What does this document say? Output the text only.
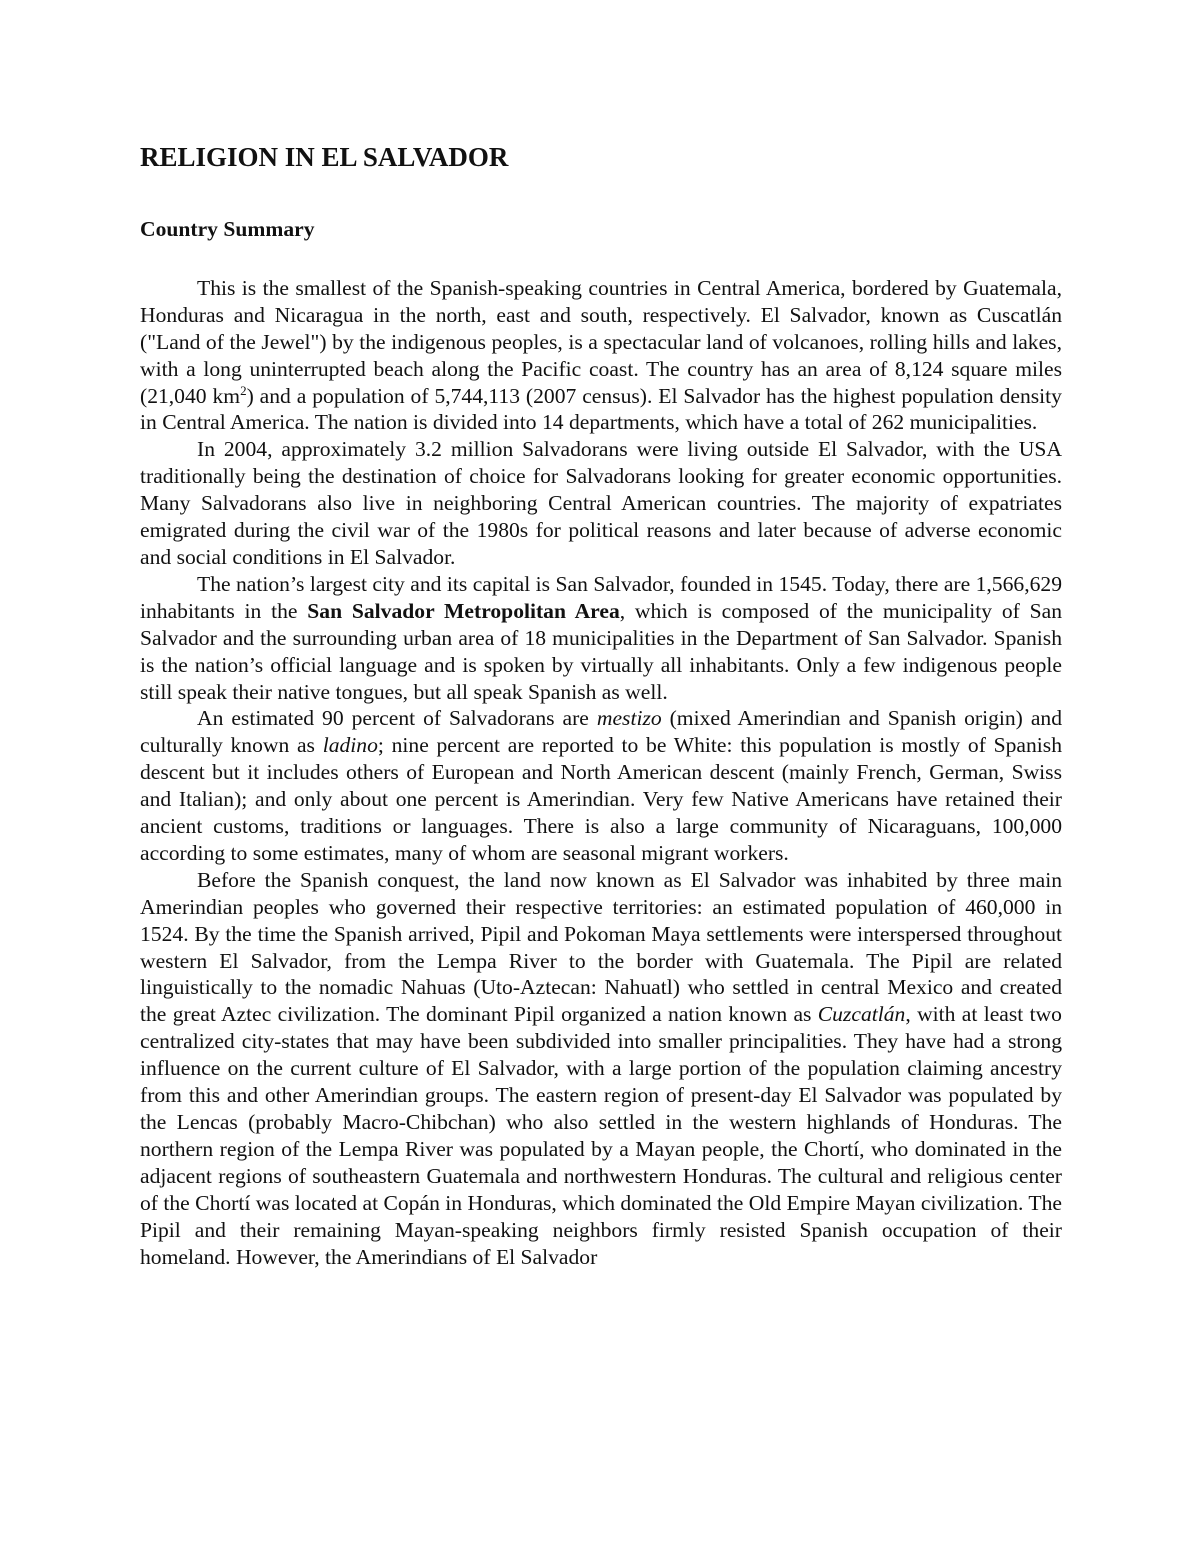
RELIGION IN EL SALVADOR
Country Summary

This is the smallest of the Spanish-speaking countries in Central America, bordered by Guatemala, Honduras and Nicaragua in the north, east and south, respectively. El Salvador, known as Cuscatlán ("Land of the Jewel") by the indigenous peoples, is a spectacular land of volcanoes, rolling hills and lakes, with a long uninterrupted beach along the Pacific coast. The country has an area of 8,124 square miles (21,040 $km^2$) and a population of 5,744,113 (2007 census). El Salvador has the highest population density in Central America. The nation is divided into 14 departments, which have a total of 262 municipalities.

In 2004, approximately 3.2 million Salvadorans were living outside El Salvador, with the USA traditionally being the destination of choice for Salvadorans looking for greater economic opportunities. Many Salvadorans also live in neighboring Central American countries. The majority of expatriates emigrated during the civil war of the 1980s for political reasons and later because of adverse economic and social conditions in El Salvador.

The nation’s largest city and its capital is San Salvador, founded in 1545. Today, there are 1,566,629 inhabitants in the San Salvador Metropolitan Area, which is composed of the municipality of San Salvador and the surrounding urban area of 18 municipalities in the Department of San Salvador. Spanish is the nation’s official language and is spoken by virtually all inhabitants. Only a few indigenous people still speak their native tongues, but all speak Spanish as well.

An estimated 90 percent of Salvadorans are mestizo (mixed Amerindian and Spanish origin) and culturally known as ladino; nine percent are reported to be White: this population is mostly of Spanish descent but it includes others of European and North American descent (mainly French, German, Swiss and Italian); and only about one percent is Amerindian. Very few Native Americans have retained their ancient customs, traditions or languages. There is also a large community of Nicaraguans, 100,000 according to some estimates, many of whom are seasonal migrant workers.

Before the Spanish conquest, the land now known as El Salvador was inhabited by three main Amerindian peoples who governed their respective territories: an estimated population of 460,000 in 1524. By the time the Spanish arrived, Pipil and Pokoman Maya settlements were interspersed throughout western El Salvador, from the Lempa River to the border with Guatemala. The Pipil are related linguistically to the nomadic Nahuas (Uto-Aztecan: Nahuatl) who settled in central Mexico and created the great Aztec civilization. The dominant Pipil organized a nation known as Cuzcatlán, with at least two centralized city-states that may have been subdivided into smaller principalities. They have had a strong influence on the current culture of El Salvador, with a large portion of the population claiming ancestry from this and other Amerindian groups. The eastern region of present-day El Salvador was populated by the Lencas (probably Macro-Chibchan) who also settled in the western highlands of Honduras. The northern region of the Lempa River was populated by a Mayan people, the Chortí, who dominated in the adjacent regions of southeastern Guatemala and northwestern Honduras. The cultural and religious center of the Chortí was located at Copán in Honduras, which dominated the Old Empire Mayan civilization. The Pipil and their remaining Mayan-speaking neighbors firmly resisted Spanish occupation of their homeland. However, the Amerindians of El Salvador
